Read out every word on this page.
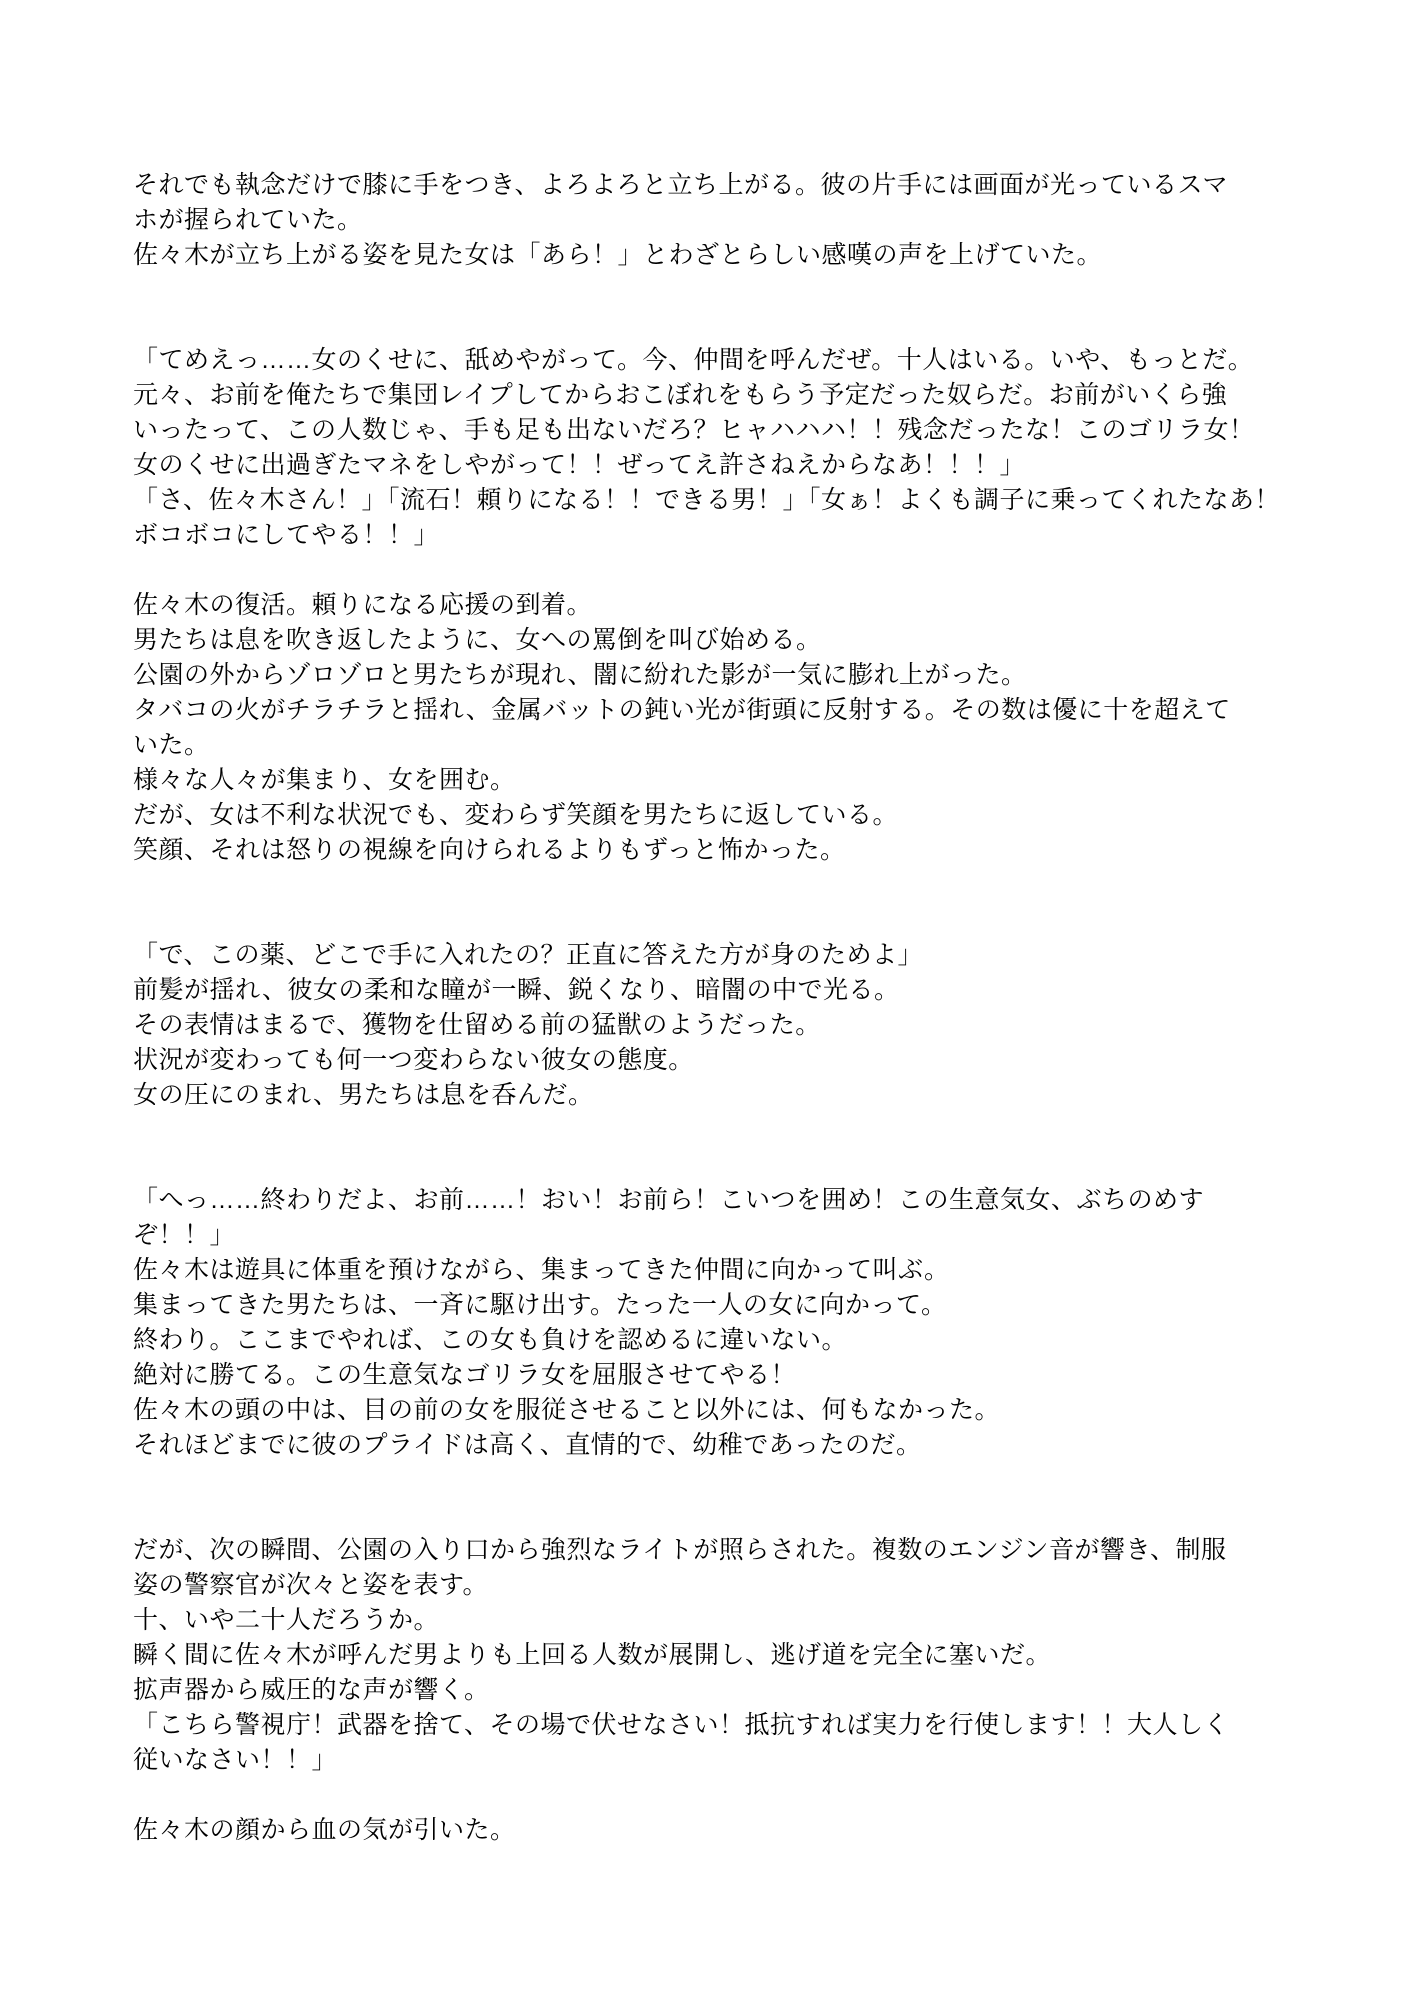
それでも執念だけで膝に手をつき、よろよろと立ち上がる。彼の片手には画面が光っているスマ
ホが握られていた。
佐々木が立ち上がる姿を見た女は「あら！」とわざとらしい感嘆の声を上げていた。
「てめえっ……女のくせに、舐めやがって。今、仲間を呼んだぜ。十人はいる。いや、もっとだ。
元々、お前を俺たちで集団レイプしてからおこぼれをもらう予定だった奴らだ。お前がいくら強
いったって、この人数じゃ、手も足も出ないだろ？ヒャハハハ！！残念だったな！このゴリラ女！
女のくせに出過ぎたマネをしやがって！！ぜってえ許さねえからなあ！！！」
「さ、佐々木さん！」「流石！頼りになる！！できる男！」「女ぁ！よくも調子に乗ってくれたなあ！
ボコボコにしてやる！！」
佐々木の復活。頼りになる応援の到着。
男たちは息を吹き返したように、女への罵倒を叫び始める。
公園の外からゾロゾロと男たちが現れ、闇に紛れた影が一気に膨れ上がった。
タバコの火がチラチラと揺れ、金属バットの鈍い光が街頭に反射する。その数は優に十を超えて
いた。
様々な人々が集まり、女を囲む。
だが、女は不利な状況でも、変わらず笑顔を男たちに返している。
笑顔、それは怒りの視線を向けられるよりもずっと怖かった。
「で、この薬、どこで手に入れたの？正直に答えた方が身のためよ」
前髪が揺れ、彼女の柔和な瞳が一瞬、鋭くなり、暗闇の中で光る。
その表情はまるで、獲物を仕留める前の猛獣のようだった。
状況が変わっても何一つ変わらない彼女の態度。
女の圧にのまれ、男たちは息を呑んだ。
「へっ……終わりだよ、お前……！おい！お前ら！こいつを囲め！この生意気女、ぶちのめす
ぞ！！」
佐々木は遊具に体重を預けながら、集まってきた仲間に向かって叫ぶ。
集まってきた男たちは、一斉に駆け出す。たった一人の女に向かって。
終わり。ここまでやれば、この女も負けを認めるに違いない。
絶対に勝てる。この生意気なゴリラ女を屈服させてやる！
佐々木の頭の中は、目の前の女を服従させること以外には、何もなかった。
それほどまでに彼のプライドは高く、直情的で、幼稚であったのだ。
だが、次の瞬間、公園の入り口から強烈なライトが照らされた。複数のエンジン音が響き、制服
姿の警察官が次々と姿を表す。
十、いや二十人だろうか。
瞬く間に佐々木が呼んだ男よりも上回る人数が展開し、逃げ道を完全に塞いだ。
拡声器から威圧的な声が響く。
「こちら警視庁！武器を捨て、その場で伏せなさい！抵抗すれば実力を行使します！！大人しく
従いなさい！！」
佐々木の顔から血の気が引いた。
